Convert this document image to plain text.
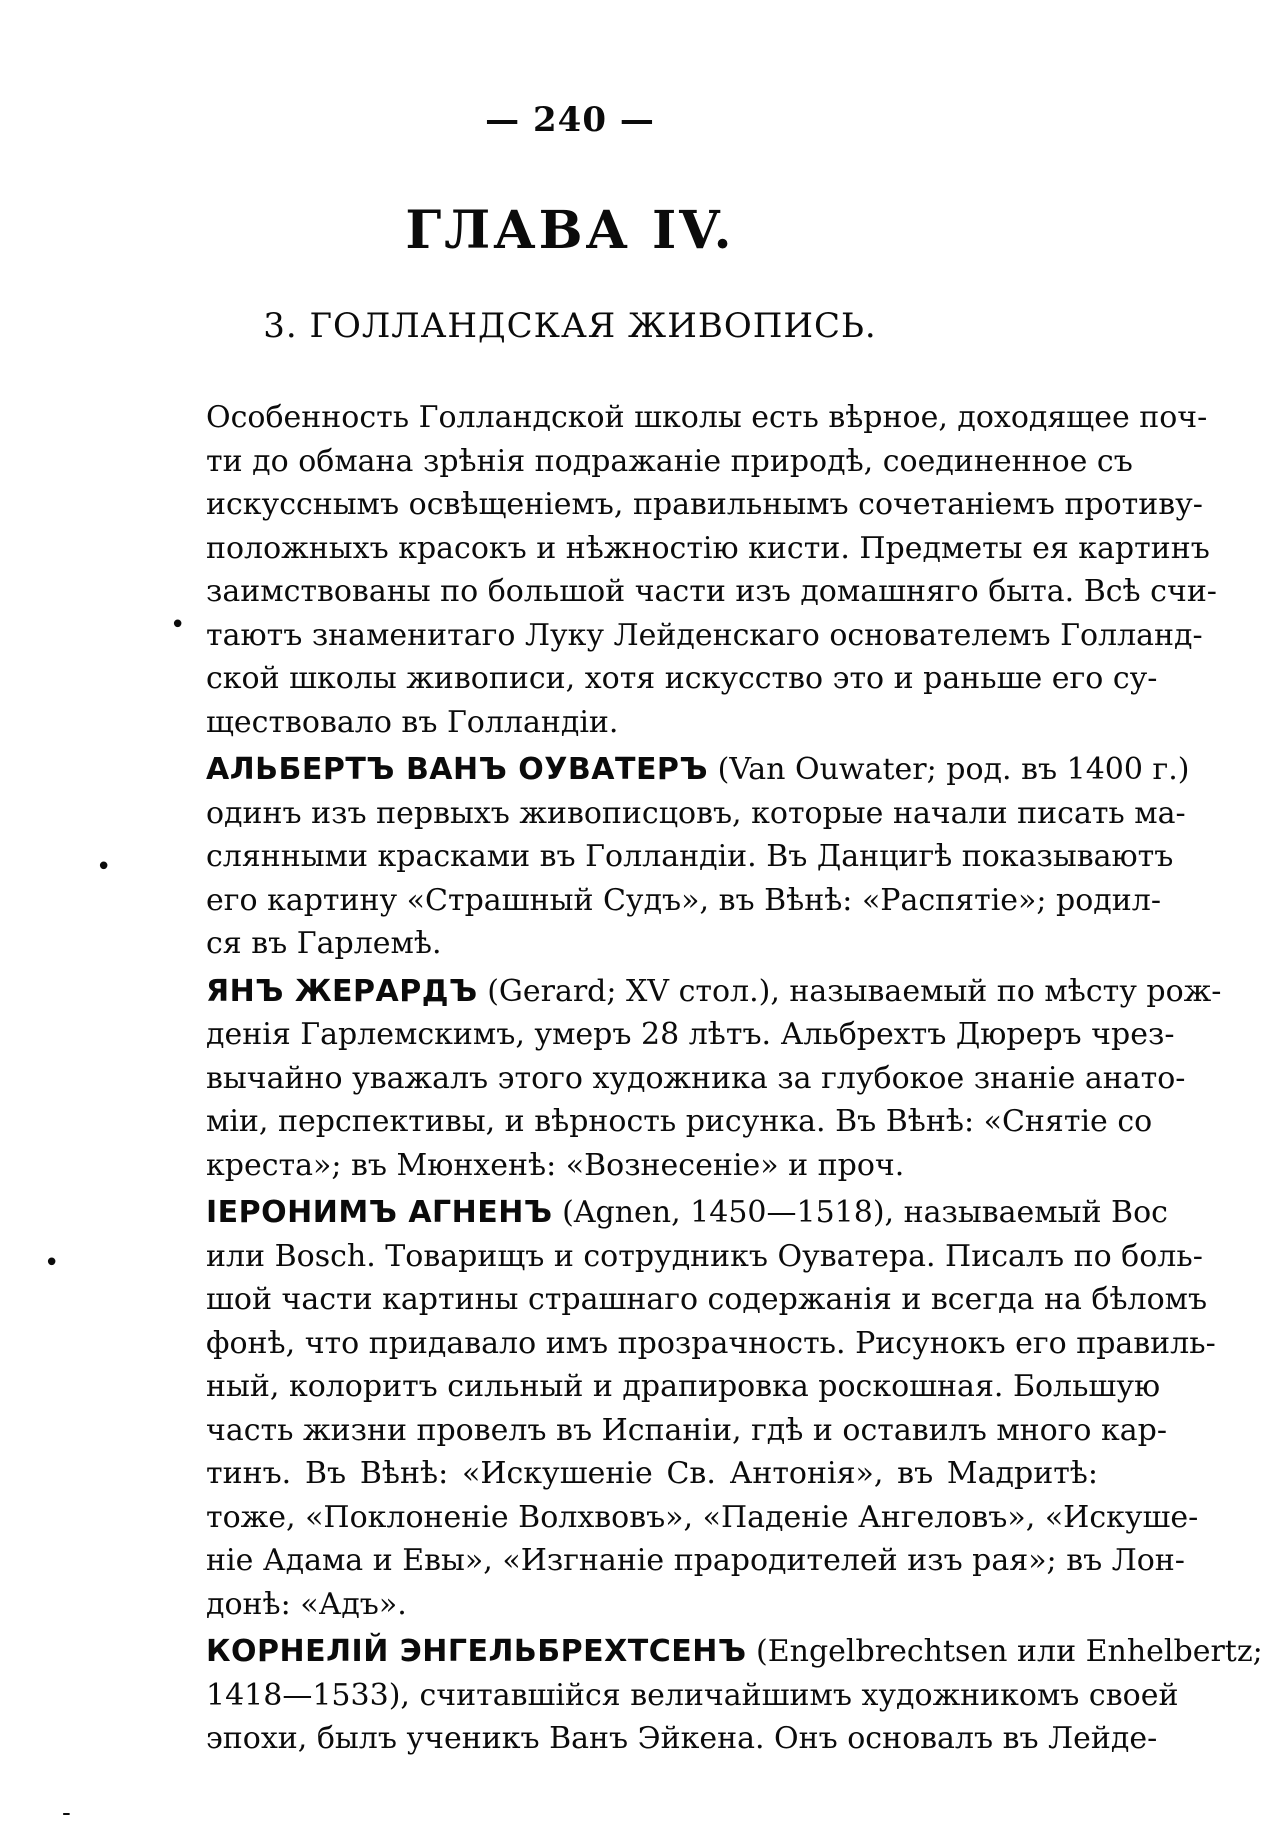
— 240 —
ГЛАВА IV.
3. ГОЛЛАНДСКАЯ ЖИВОПИСЬ.
Особенность Голландской школы есть вѣрное, доходящее поч-
ти до обмана зрѣнія подражаніе природѣ, соединенное съ
искусснымъ освѣщеніемъ, правильнымъ сочетаніемъ противу-
положныхъ красокъ и нѣжностію кисти. Предметы ея картинъ
заимствованы по большой части изъ домашняго быта. Всѣ счи-
таютъ знаменитаго Луку Лейденскаго основателемъ Голланд-
ской школы живописи, хотя искусство это и раньше его су-
ществовало въ Голландіи.
АЛЬБЕРТЪ ВАНЪ ОУВАТЕРЪ (Van Ouwater; род. въ 1400 г.)
одинъ изъ первыхъ живописцовъ, которые начали писать ма-
слянными красками въ Голландіи. Въ Данцигѣ показываютъ
его картину «Страшный Судъ», въ Вѣнѣ: «Распятіе»; родил-
ся въ Гарлемѣ.
ЯНЪ ЖЕРАРДЪ (Gerard; XV стол.), называемый по мѣсту рож-
денія Гарлемскимъ, умеръ 28 лѣтъ. Альбрехтъ Дюреръ чрез-
вычайно уважалъ этого художника за глубокое знаніе анато-
міи, перспективы, и вѣрность рисунка. Въ Вѣнѣ: «Снятіе со
креста»; въ Мюнхенѣ: «Вознесеніе» и проч.
ІЕРОНИМЪ АГНЕНЪ (Agnen, 1450—1518), называемый Вос
или Bosch. Товарищъ и сотрудникъ Оуватера. Писалъ по боль-
шой части картины страшнаго содержанія и всегда на бѣломъ
фонѣ, что придавало имъ прозрачность. Рисунокъ его правиль-
ный, колоритъ сильный и драпировка роскошная. Большую
часть жизни провелъ въ Испаніи, гдѣ и оставилъ много кар-
тинъ. Въ Вѣнѣ: «Искушеніе Св. Антонія», въ Мадритѣ:
тоже, «Поклоненіе Волхвовъ», «Паденіе Ангеловъ», «Искуше-
ніе Адама и Евы», «Изгнаніе прародителей изъ рая»; въ Лон-
донѣ: «Адъ».
КОРНЕЛІЙ ЭНГЕЛЬБРЕХТСЕНЪ (Engelbrechtsen или Enhelbertz;
1418—1533), считавшійся величайшимъ художникомъ своей
эпохи, былъ ученикъ Ванъ Эйкена. Онъ основалъ въ Лейде-
•
•
•
-
